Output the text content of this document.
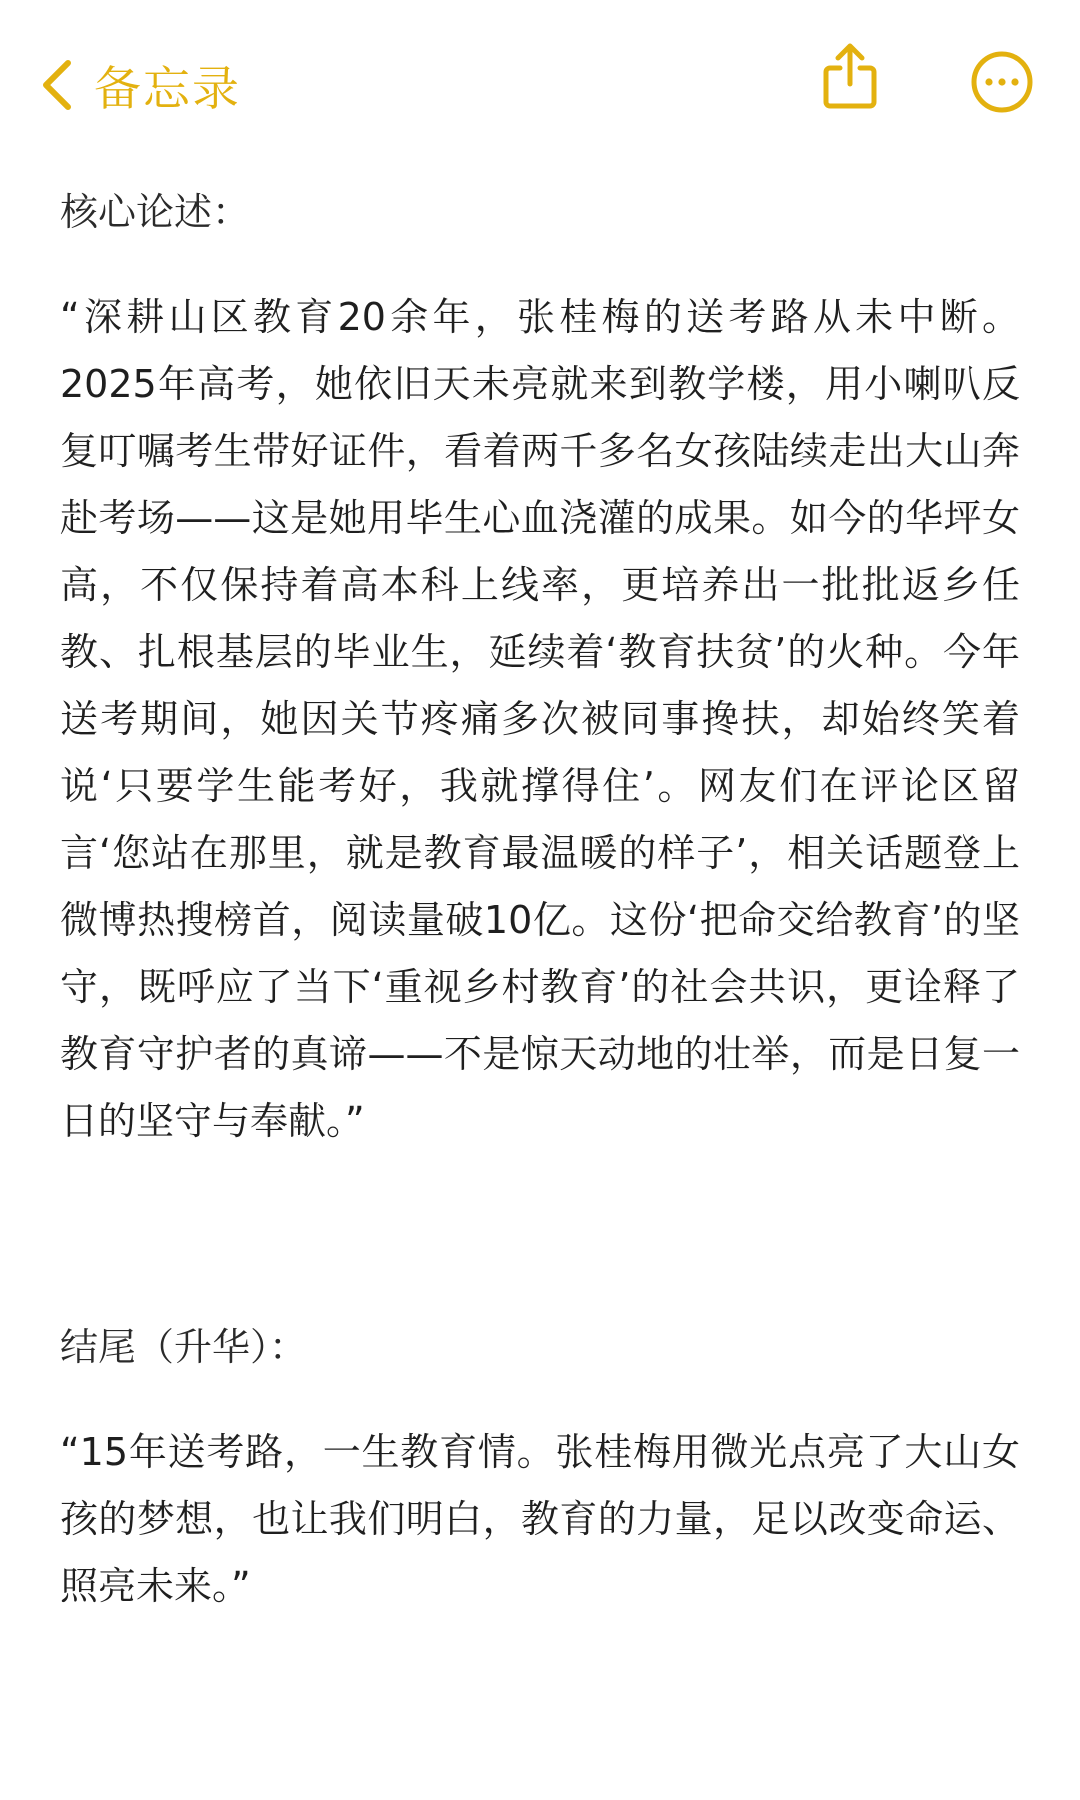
备忘录

核心论述：

“深耕山区教育20余年，张桂梅的送考路从未中断。2025年高考，她依旧天未亮就来到教学楼，用小喇叭反复叮嘱考生带好证件，看着两千多名女孩陆续走出大山奔赴考场——这是她用毕生心血浇灌的成果。如今的华坪女高，不仅保持着高本科上线率，更培养出一批批返乡任教、扎根基层的毕业生，延续着‘教育扶贫’的火种。今年送考期间，她因关节疼痛多次被同事搀扶，却始终笑着说‘只要学生能考好，我就撑得住’。网友们在评论区留言‘您站在那里，就是教育最温暖的样子’，相关话题登上微博热搜榜首，阅读量破10亿。这份‘把命交给教育’的坚守，既呼应了当下‘重视乡村教育’的社会共识，更诠释了教育守护者的真谛——不是惊天动地的壮举，而是日复一日的坚守与奉献。”

结尾（升华）：

“15年送考路，一生教育情。张桂梅用微光点亮了大山女孩的梦想，也让我们明白，教育的力量，足以改变命运、照亮未来。”
